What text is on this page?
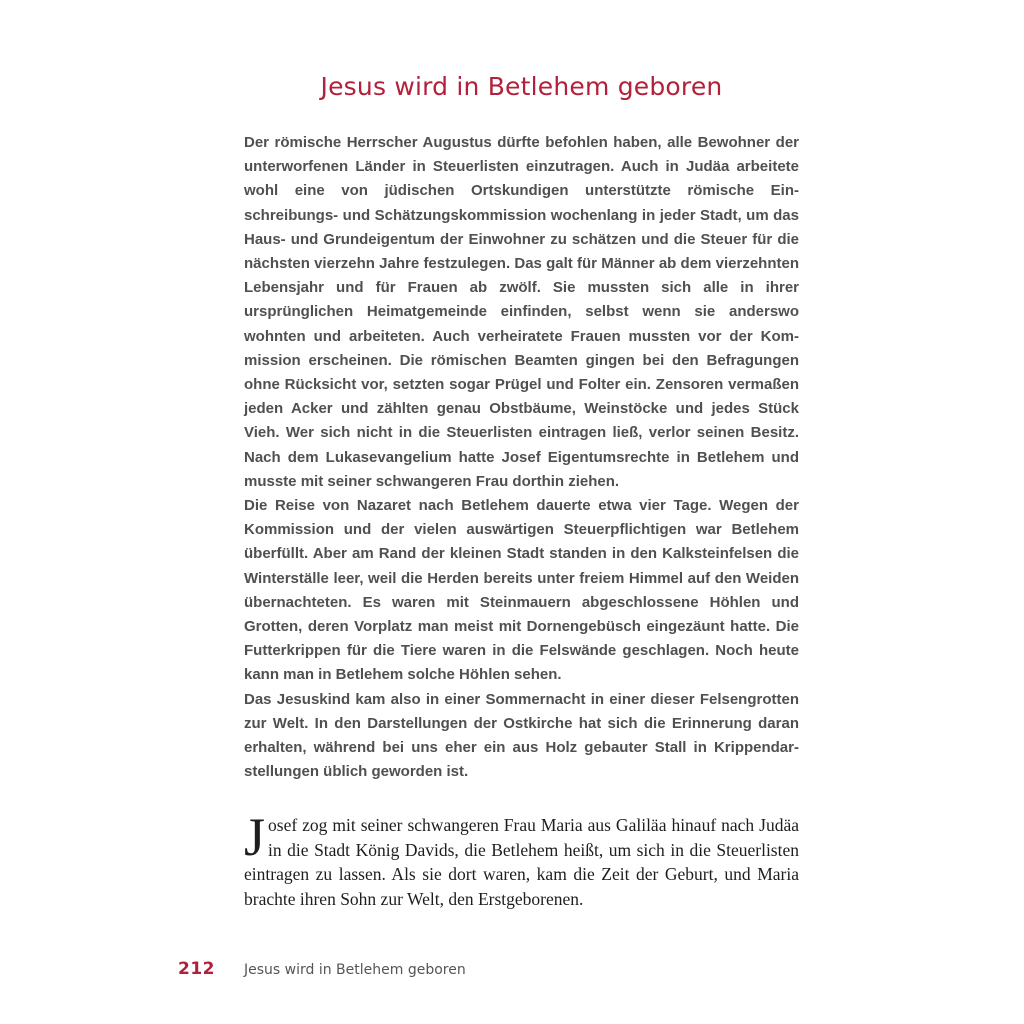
Jesus wird in Betlehem geboren

Der römische Herrscher Augustus dürfte befohlen haben, alle Bewohner der unterworfenen Länder in Steuerlisten einzutragen. Auch in Judäa arbeitete wohl eine von jüdischen Ortskundigen unterstützte römische Einschreibungs- und Schätzungskommission wochenlang in jeder Stadt, um das Haus- und Grundeigentum der Einwohner zu schätzen und die Steuer für die nächsten vierzehn Jahre festzulegen. Das galt für Männer ab dem vierzehnten Lebensjahr und für Frauen ab zwölf. Sie mussten sich alle in ihrer ursprünglichen Heimatgemeinde einfinden, selbst wenn sie anderswo wohnten und arbeiteten. Auch verheiratete Frauen mussten vor der Kommission erscheinen. Die römischen Beamten gingen bei den Befragungen ohne Rücksicht vor, setzten sogar Prügel und Folter ein. Zensoren vermaßen jeden Acker und zählten genau Obstbäume, Weinstöcke und jedes Stück Vieh. Wer sich nicht in die Steuerlisten eintragen ließ, verlor seinen Besitz. Nach dem Lukasevangelium hatte Josef Eigentumsrechte in Betlehem und musste mit seiner schwangeren Frau dorthin ziehen.

Die Reise von Nazaret nach Betlehem dauerte etwa vier Tage. Wegen der Kommission und der vielen auswärtigen Steuerpflichtigen war Betlehem überfüllt. Aber am Rand der kleinen Stadt standen in den Kalksteinfelsen die Winterställe leer, weil die Herden bereits unter freiem Himmel auf den Weiden übernachteten. Es waren mit Steinmauern abgeschlossene Höhlen und Grotten, deren Vorplatz man meist mit Dornengebüsch eingezäunt hatte. Die Futterkrippen für die Tiere waren in die Felswände geschlagen. Noch heute kann man in Betlehem solche Höhlen sehen.

Das Jesuskind kam also in einer Sommernacht in einer dieser Felsengrotten zur Welt. In den Darstellungen der Ostkirche hat sich die Erinnerung daran erhalten, während bei uns eher ein aus Holz gebauter Stall in Krippendarstellungen üblich geworden ist.

Josef zog mit seiner schwangeren Frau Maria aus Galiläa hinauf nach Judäa in die Stadt König Davids, die Betlehem heißt, um sich in die Steuerlisten eintragen zu lassen. Als sie dort waren, kam die Zeit der Geburt, und Maria brachte ihren Sohn zur Welt, den Erstgeborenen.
212 Jesus wird in Betlehem geboren
